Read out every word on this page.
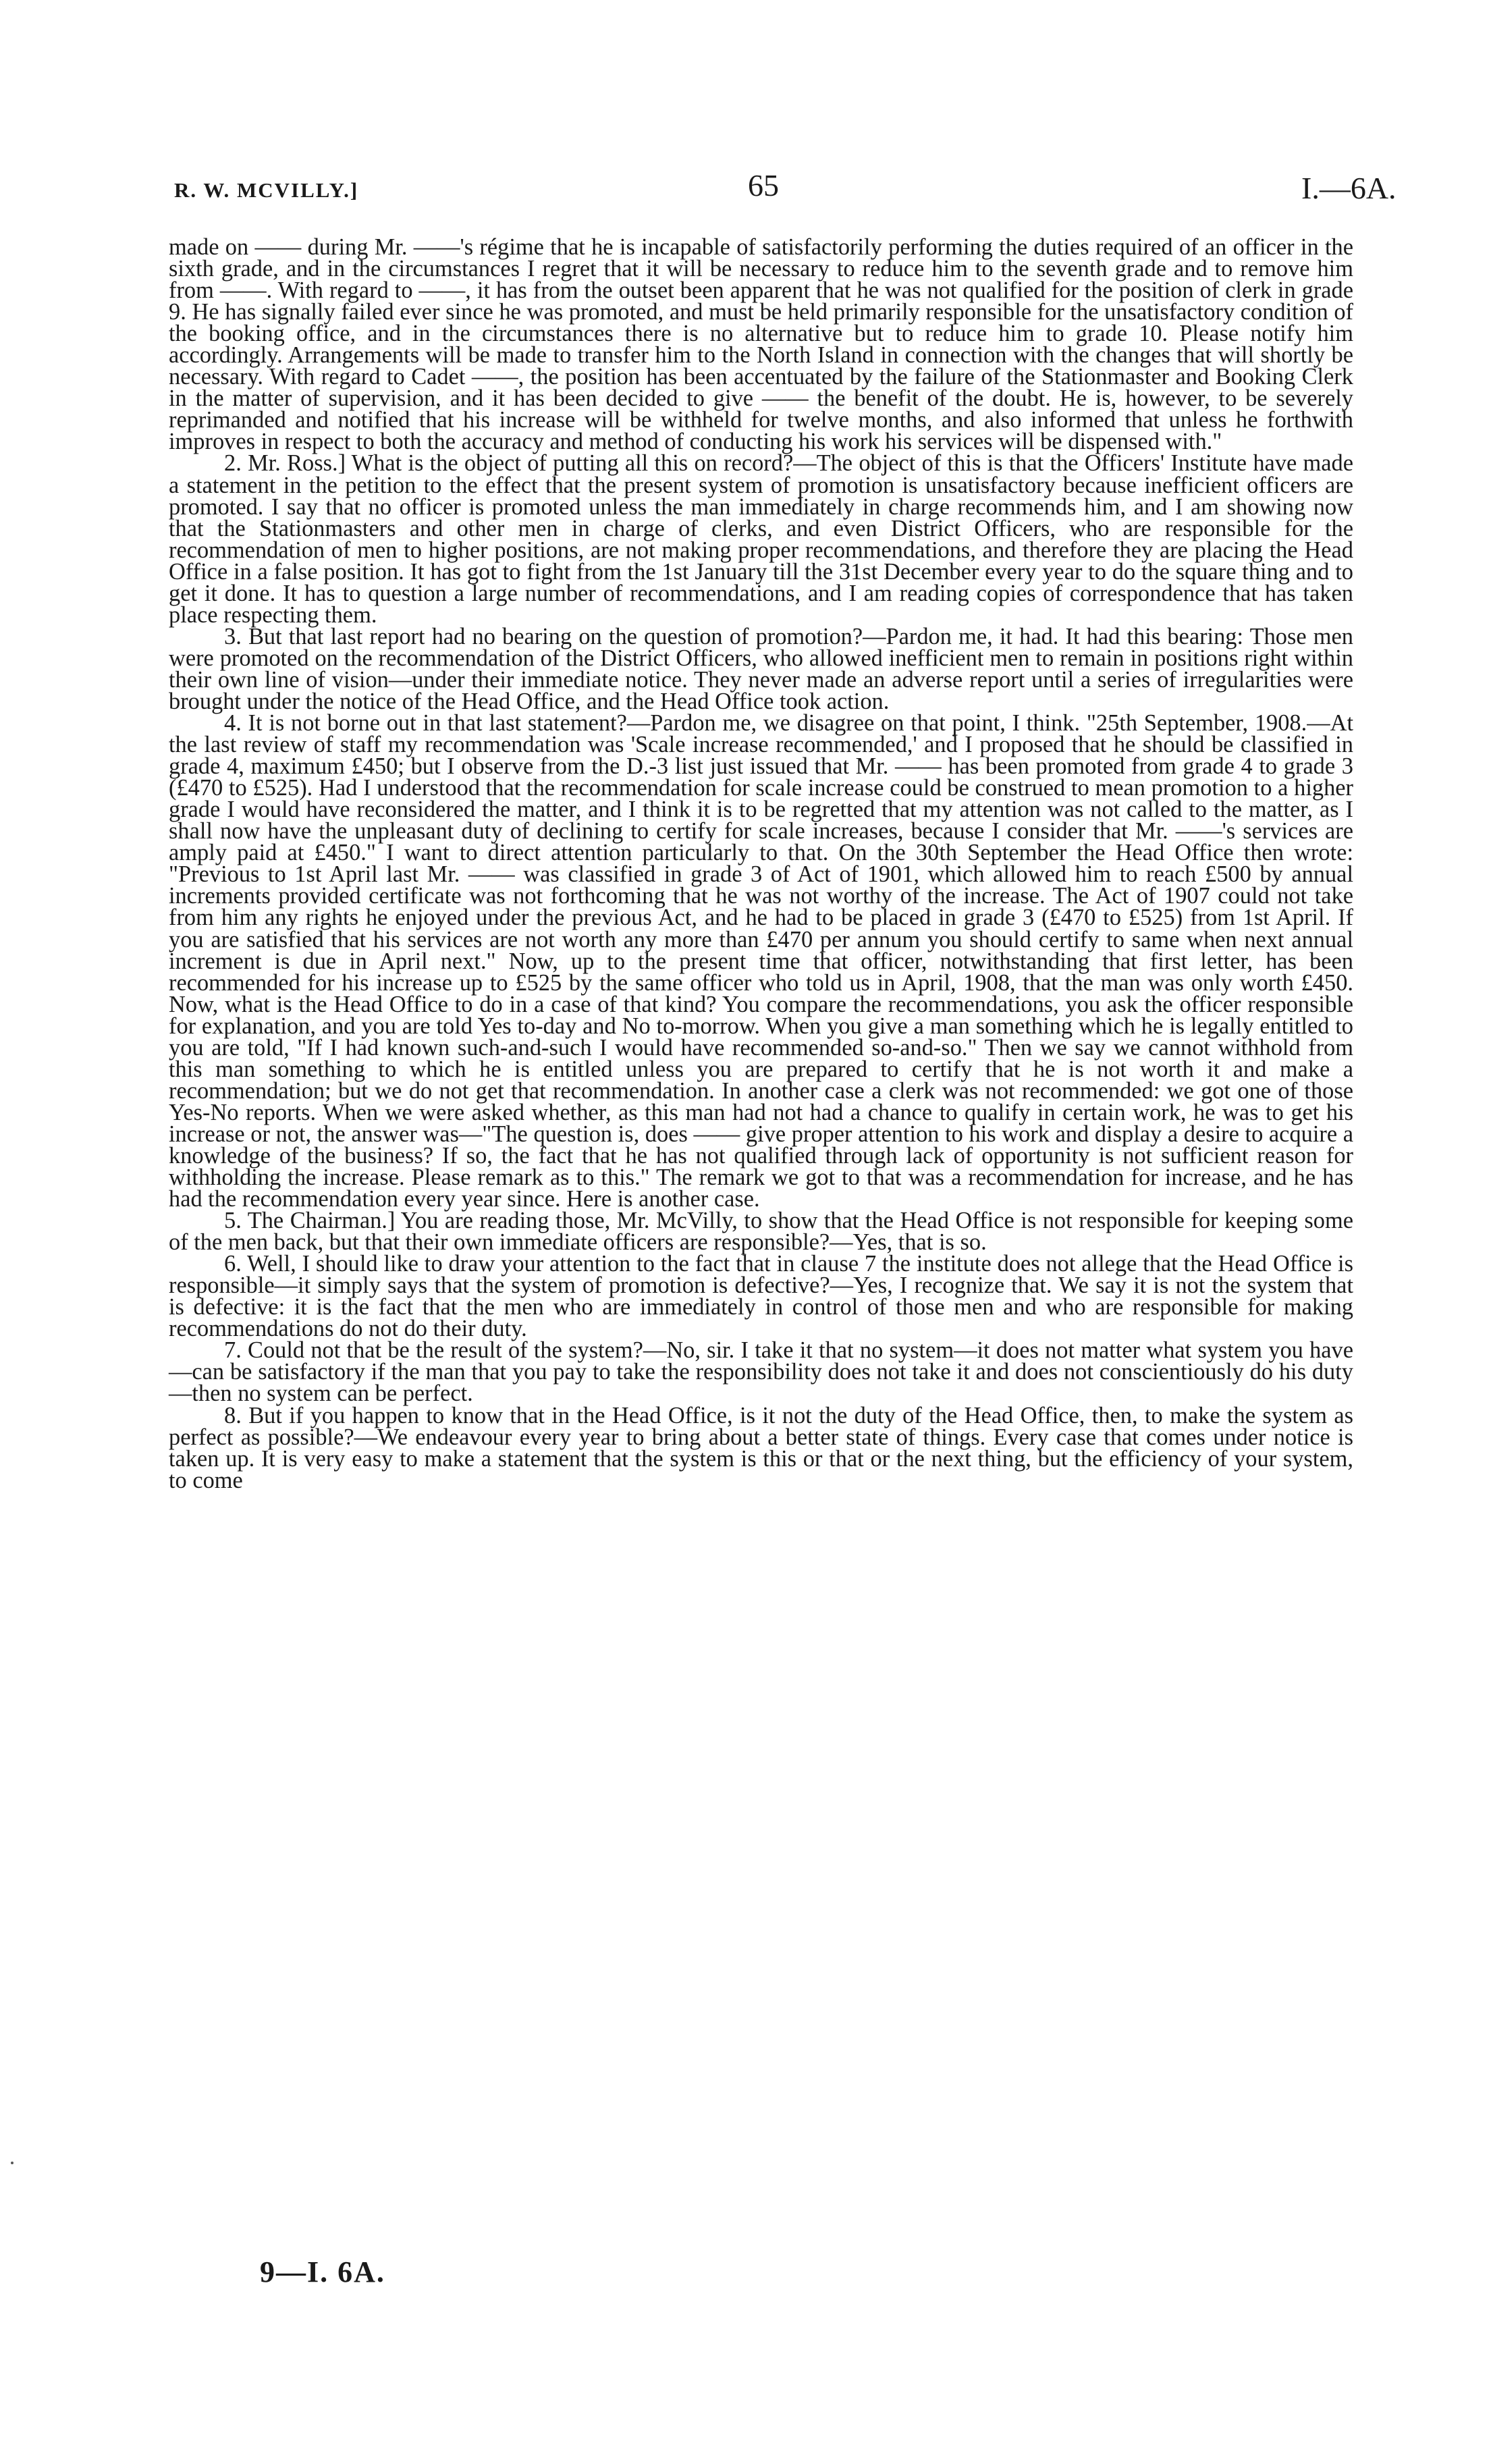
R. W. MCVILLY.]	65	I.—6A.

made on —— during Mr. ——'s régime that he is incapable of satisfactorily performing the duties required of an officer in the sixth grade, and in the circumstances I regret that it will be necessary to reduce him to the seventh grade and to remove him from ——. With regard to ——, it has from the outset been apparent that he was not qualified for the position of clerk in grade 9. He has signally failed ever since he was promoted, and must be held primarily responsible for the unsatisfactory condition of the booking office, and in the circumstances there is no alternative but to reduce him to grade 10. Please notify him accordingly. Arrangements will be made to transfer him to the North Island in connection with the changes that will shortly be necessary. With regard to Cadet ——, the position has been accentuated by the failure of the Stationmaster and Booking Clerk in the matter of supervision, and it has been decided to give —— the benefit of the doubt. He is, however, to be severely reprimanded and notified that his increase will be withheld for twelve months, and also informed that unless he forthwith improves in respect to both the accuracy and method of conducting his work his services will be dispensed with."

2. Mr. Ross.] What is the object of putting all this on record?—The object of this is that the Officers' Institute have made a statement in the petition to the effect that the present system of promotion is unsatisfactory because inefficient officers are promoted. I say that no officer is promoted unless the man immediately in charge recommends him, and I am showing now that the Stationmasters and other men in charge of clerks, and even District Officers, who are responsible for the recommendation of men to higher positions, are not making proper recommendations, and therefore they are placing the Head Office in a false position. It has got to fight from the 1st January till the 31st December every year to do the square thing and to get it done. It has to question a large number of recommendations, and I am reading copies of correspondence that has taken place respecting them.

3. But that last report had no bearing on the question of promotion?—Pardon me, it had. It had this bearing: Those men were promoted on the recommendation of the District Officers, who allowed inefficient men to remain in positions right within their own line of vision—under their immediate notice. They never made an adverse report until a series of irregularities were brought under the notice of the Head Office, and the Head Office took action.

4. It is not borne out in that last statement?—Pardon me, we disagree on that point, I think. "25th September, 1908.—At the last review of staff my recommendation was 'Scale increase recommended,' and I proposed that he should be classified in grade 4, maximum £450; but I observe from the D.-3 list just issued that Mr. —— has been promoted from grade 4 to grade 3 (£470 to £525). Had I understood that the recommendation for scale increase could be construed to mean promotion to a higher grade I would have reconsidered the matter, and I think it is to be regretted that my attention was not called to the matter, as I shall now have the unpleasant duty of declining to certify for scale increases, because I consider that Mr. ——'s services are amply paid at £450." I want to direct attention particularly to that. On the 30th September the Head Office then wrote: "Previous to 1st April last Mr. —— was classified in grade 3 of Act of 1901, which allowed him to reach £500 by annual increments provided certificate was not forthcoming that he was not worthy of the increase. The Act of 1907 could not take from him any rights he enjoyed under the previous Act, and he had to be placed in grade 3 (£470 to £525) from 1st April. If you are satisfied that his services are not worth any more than £470 per annum you should certify to same when next annual increment is due in April next." Now, up to the present time that officer, notwithstanding that first letter, has been recommended for his increase up to £525 by the same officer who told us in April, 1908, that the man was only worth £450. Now, what is the Head Office to do in a case of that kind? You compare the recommendations, you ask the officer responsible for explanation, and you are told Yes to-day and No to-morrow. When you give a man something which he is legally entitled to you are told, "If I had known such-and-such I would have recommended so-and-so." Then we say we cannot withhold from this man something to which he is entitled unless you are prepared to certify that he is not worth it and make a recommendation; but we do not get that recommendation. In another case a clerk was not recommended: we got one of those Yes-No reports. When we were asked whether, as this man had not had a chance to qualify in certain work, he was to get his increase or not, the answer was—"The question is, does —— give proper attention to his work and display a desire to acquire a knowledge of the business? If so, the fact that he has not qualified through lack of opportunity is not sufficient reason for withholding the increase. Please remark as to this." The remark we got to that was a recommendation for increase, and he has had the recommendation every year since. Here is another case.

5. The Chairman.] You are reading those, Mr. McVilly, to show that the Head Office is not responsible for keeping some of the men back, but that their own immediate officers are responsible?—Yes, that is so.

6. Well, I should like to draw your attention to the fact that in clause 7 the institute does not allege that the Head Office is responsible—it simply says that the system of promotion is defective?—Yes, I recognize that. We say it is not the system that is defective: it is the fact that the men who are immediately in control of those men and who are responsible for making recommendations do not do their duty.

7. Could not that be the result of the system?—No, sir. I take it that no system—it does not matter what system you have—can be satisfactory if the man that you pay to take the responsibility does not take it and does not conscientiously do his duty—then no system can be perfect.

8. But if you happen to know that in the Head Office, is it not the duty of the Head Office, then, to make the system as perfect as possible?—We endeavour every year to bring about a better state of things. Every case that comes under notice is taken up. It is very easy to make a statement that the system is this or that or the next thing, but the efficiency of your system, to come

9—I. 6A.
